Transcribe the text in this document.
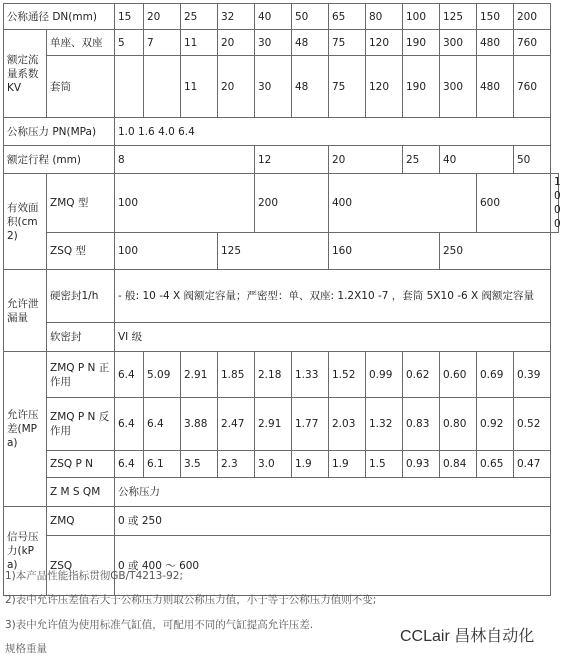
公称通径 DN(mm)		15	20	25	32	40	50	65	80	100	125	150	200	
额定流量系数KV	单座、双座	5	7	11	20	30	48	75	120	190	300	480	760	
	套筒			11	20	30	48	75	120	190	300	480	760	
公称压力 PN(MPa)		1.0 1.6 4.0 6.4												
额定行程 (mm)		8				12		20		25	40		50	
有效面积(cm2)	ZMQ 型	100				200		400				600		1000
	ZSQ 型	100			125			160			250			
允许泄漏量	硬密封1/h	- 般: 10 -4 X 阀额定容量；严密型：单、双座: 1.2X10 -7 ，套筒 5X10 -6 X 阀额定容量												
	软密封	VI 级												
允许压差(MPa)	ZMQ P N 正作用	6.4	5.09	2.91	1.85	2.18	1.33	1.52	0.99	0.62	0.60	0.69	0.39	
	ZMQ P N 反作用	6.4	6.4	3.88	2.47	2.91	1.77	2.03	1.32	0.83	0.80	0.92	0.52	
	ZSQ P N	6.4	6.1	3.5	2.3	3.0	1.9	1.9	1.5	0.93	0.84	0.65	0.47	
	Z M S QM	公称压力												
信号压力(kPa)	ZMQ	0 或 250												
	ZSQ	0 或 400 ～ 600												
CCLair 昌林自动化
1)本产品性能指标贯彻GB/T4213-92;
2)表中允许压差值若大于公称压力则取公称压力值，小于等于公称压力值则不变;
3)表中允许值为使用标准气缸值，可配用不同的气缸提高允许压差.
规格重量
